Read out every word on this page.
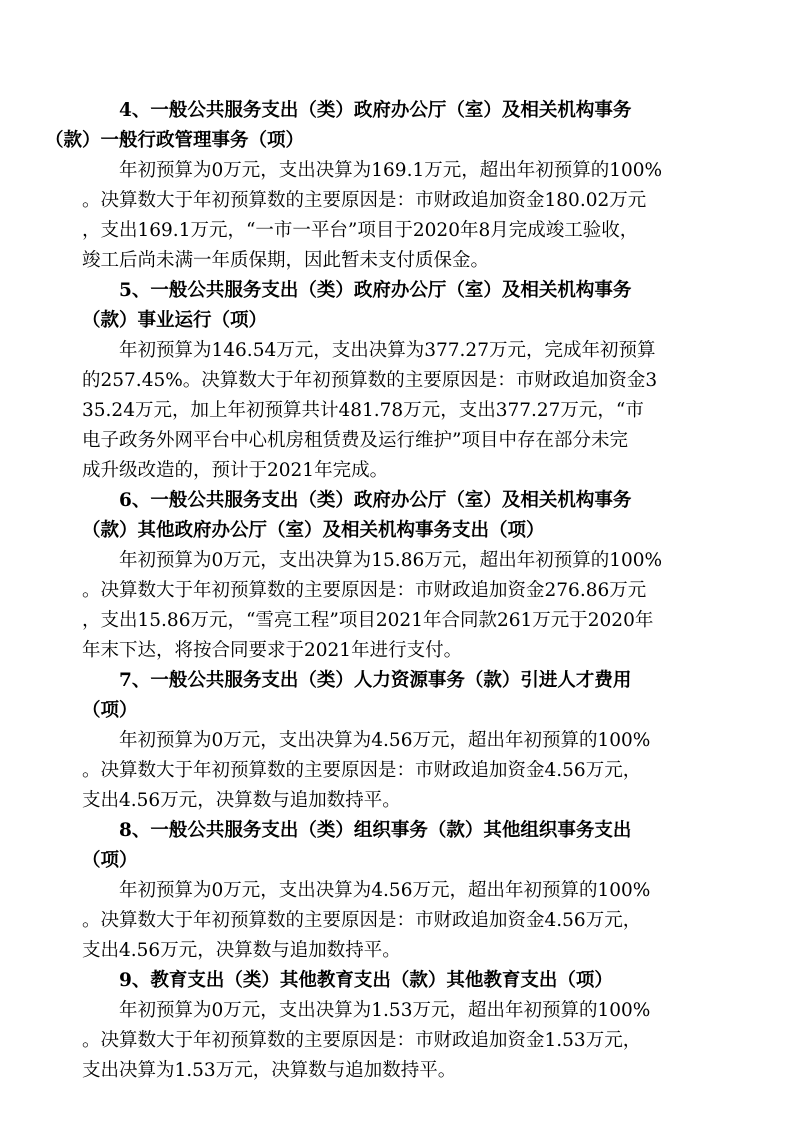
4、一般公共服务支出（类）政府办公厅（室）及相关机构事务
（款）一般行政管理事务（项）

年初预算为0万元，支出决算为169.1万元，超出年初预算的100%
。决算数大于年初预算数的主要原因是：市财政追加资金180.02万元
，支出169.1万元，“一市一平台”项目于2020年8月完成竣工验收，
竣工后尚未满一年质保期，因此暂未支付质保金。

5、一般公共服务支出（类）政府办公厅（室）及相关机构事务
（款）事业运行（项）

年初预算为146.54万元，支出决算为377.27万元，完成年初预算
的257.45%。决算数大于年初预算数的主要原因是：市财政追加资金3
35.24万元，加上年初预算共计481.78万元，支出377.27万元，“市
电子政务外网平台中心机房租赁费及运行维护”项目中存在部分未完
成升级改造的，预计于2021年完成。

6、一般公共服务支出（类）政府办公厅（室）及相关机构事务
（款）其他政府办公厅（室）及相关机构事务支出（项）

年初预算为0万元，支出决算为15.86万元，超出年初预算的100%
。决算数大于年初预算数的主要原因是：市财政追加资金276.86万元
，支出15.86万元，“雪亮工程”项目2021年合同款261万元于2020年
年末下达，将按合同要求于2021年进行支付。

7、一般公共服务支出（类）人力资源事务（款）引进人才费用
（项）

年初预算为0万元，支出决算为4.56万元，超出年初预算的100%
。决算数大于年初预算数的主要原因是：市财政追加资金4.56万元，
支出4.56万元，决算数与追加数持平。

8、一般公共服务支出（类）组织事务（款）其他组织事务支出
（项）

年初预算为0万元，支出决算为4.56万元，超出年初预算的100%
。决算数大于年初预算数的主要原因是：市财政追加资金4.56万元，
支出4.56万元，决算数与追加数持平。

9、教育支出（类）其他教育支出（款）其他教育支出（项）

年初预算为0万元，支出决算为1.53万元，超出年初预算的100%
。决算数大于年初预算数的主要原因是：市财政追加资金1.53万元，
支出决算为1.53万元，决算数与追加数持平。
